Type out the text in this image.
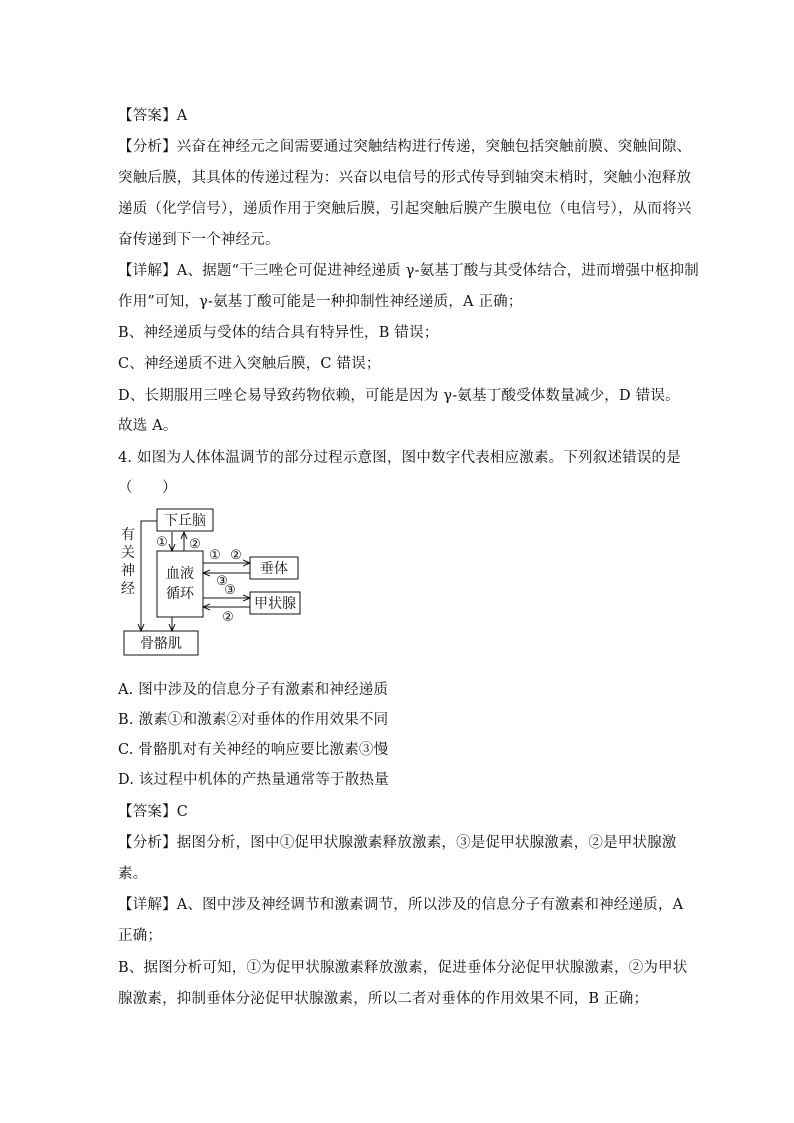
【答案】A
【分析】兴奋在神经元之间需要通过突触结构进行传递，突触包括突触前膜、突触间隙、
突触后膜，其具体的传递过程为：兴奋以电信号的形式传导到轴突末梢时，突触小泡释放
递质（化学信号），递质作用于突触后膜，引起突触后膜产生膜电位（电信号），从而将兴
奋传递到下一个神经元。
【详解】A、据题“干三唑仑可促进神经递质 γ-氨基丁酸与其受体结合，进而增强中枢抑制
作用”可知，γ-氨基丁酸可能是一种抑制性神经递质，A 正确；
B、神经递质与受体的结合具有特异性，B 错误；
C、神经递质不进入突触后膜，C 错误；
D、长期服用三唑仑易导致药物依赖，可能是因为 γ-氨基丁酸受体数量减少，D 错误。
故选 A。
4. 如图为人体体温调节的部分过程示意图，图中数字代表相应激素。下列叙述错误的是
（　　）
下丘脑
血液
循环
垂体
甲状腺
骨骼肌
有
关
神
经
① ②
① ②
③
③
②
A. 图中涉及的信息分子有激素和神经递质
B. 激素①和激素②对垂体的作用效果不同
C. 骨骼肌对有关神经的响应要比激素③慢
D. 该过程中机体的产热量通常等于散热量
【答案】C
【分析】据图分析，图中①促甲状腺激素释放激素，③是促甲状腺激素，②是甲状腺激
素。
【详解】A、图中涉及神经调节和激素调节，所以涉及的信息分子有激素和神经递质，A
正确；
B、据图分析可知，①为促甲状腺激素释放激素，促进垂体分泌促甲状腺激素，②为甲状
腺激素，抑制垂体分泌促甲状腺激素，所以二者对垂体的作用效果不同，B 正确；
